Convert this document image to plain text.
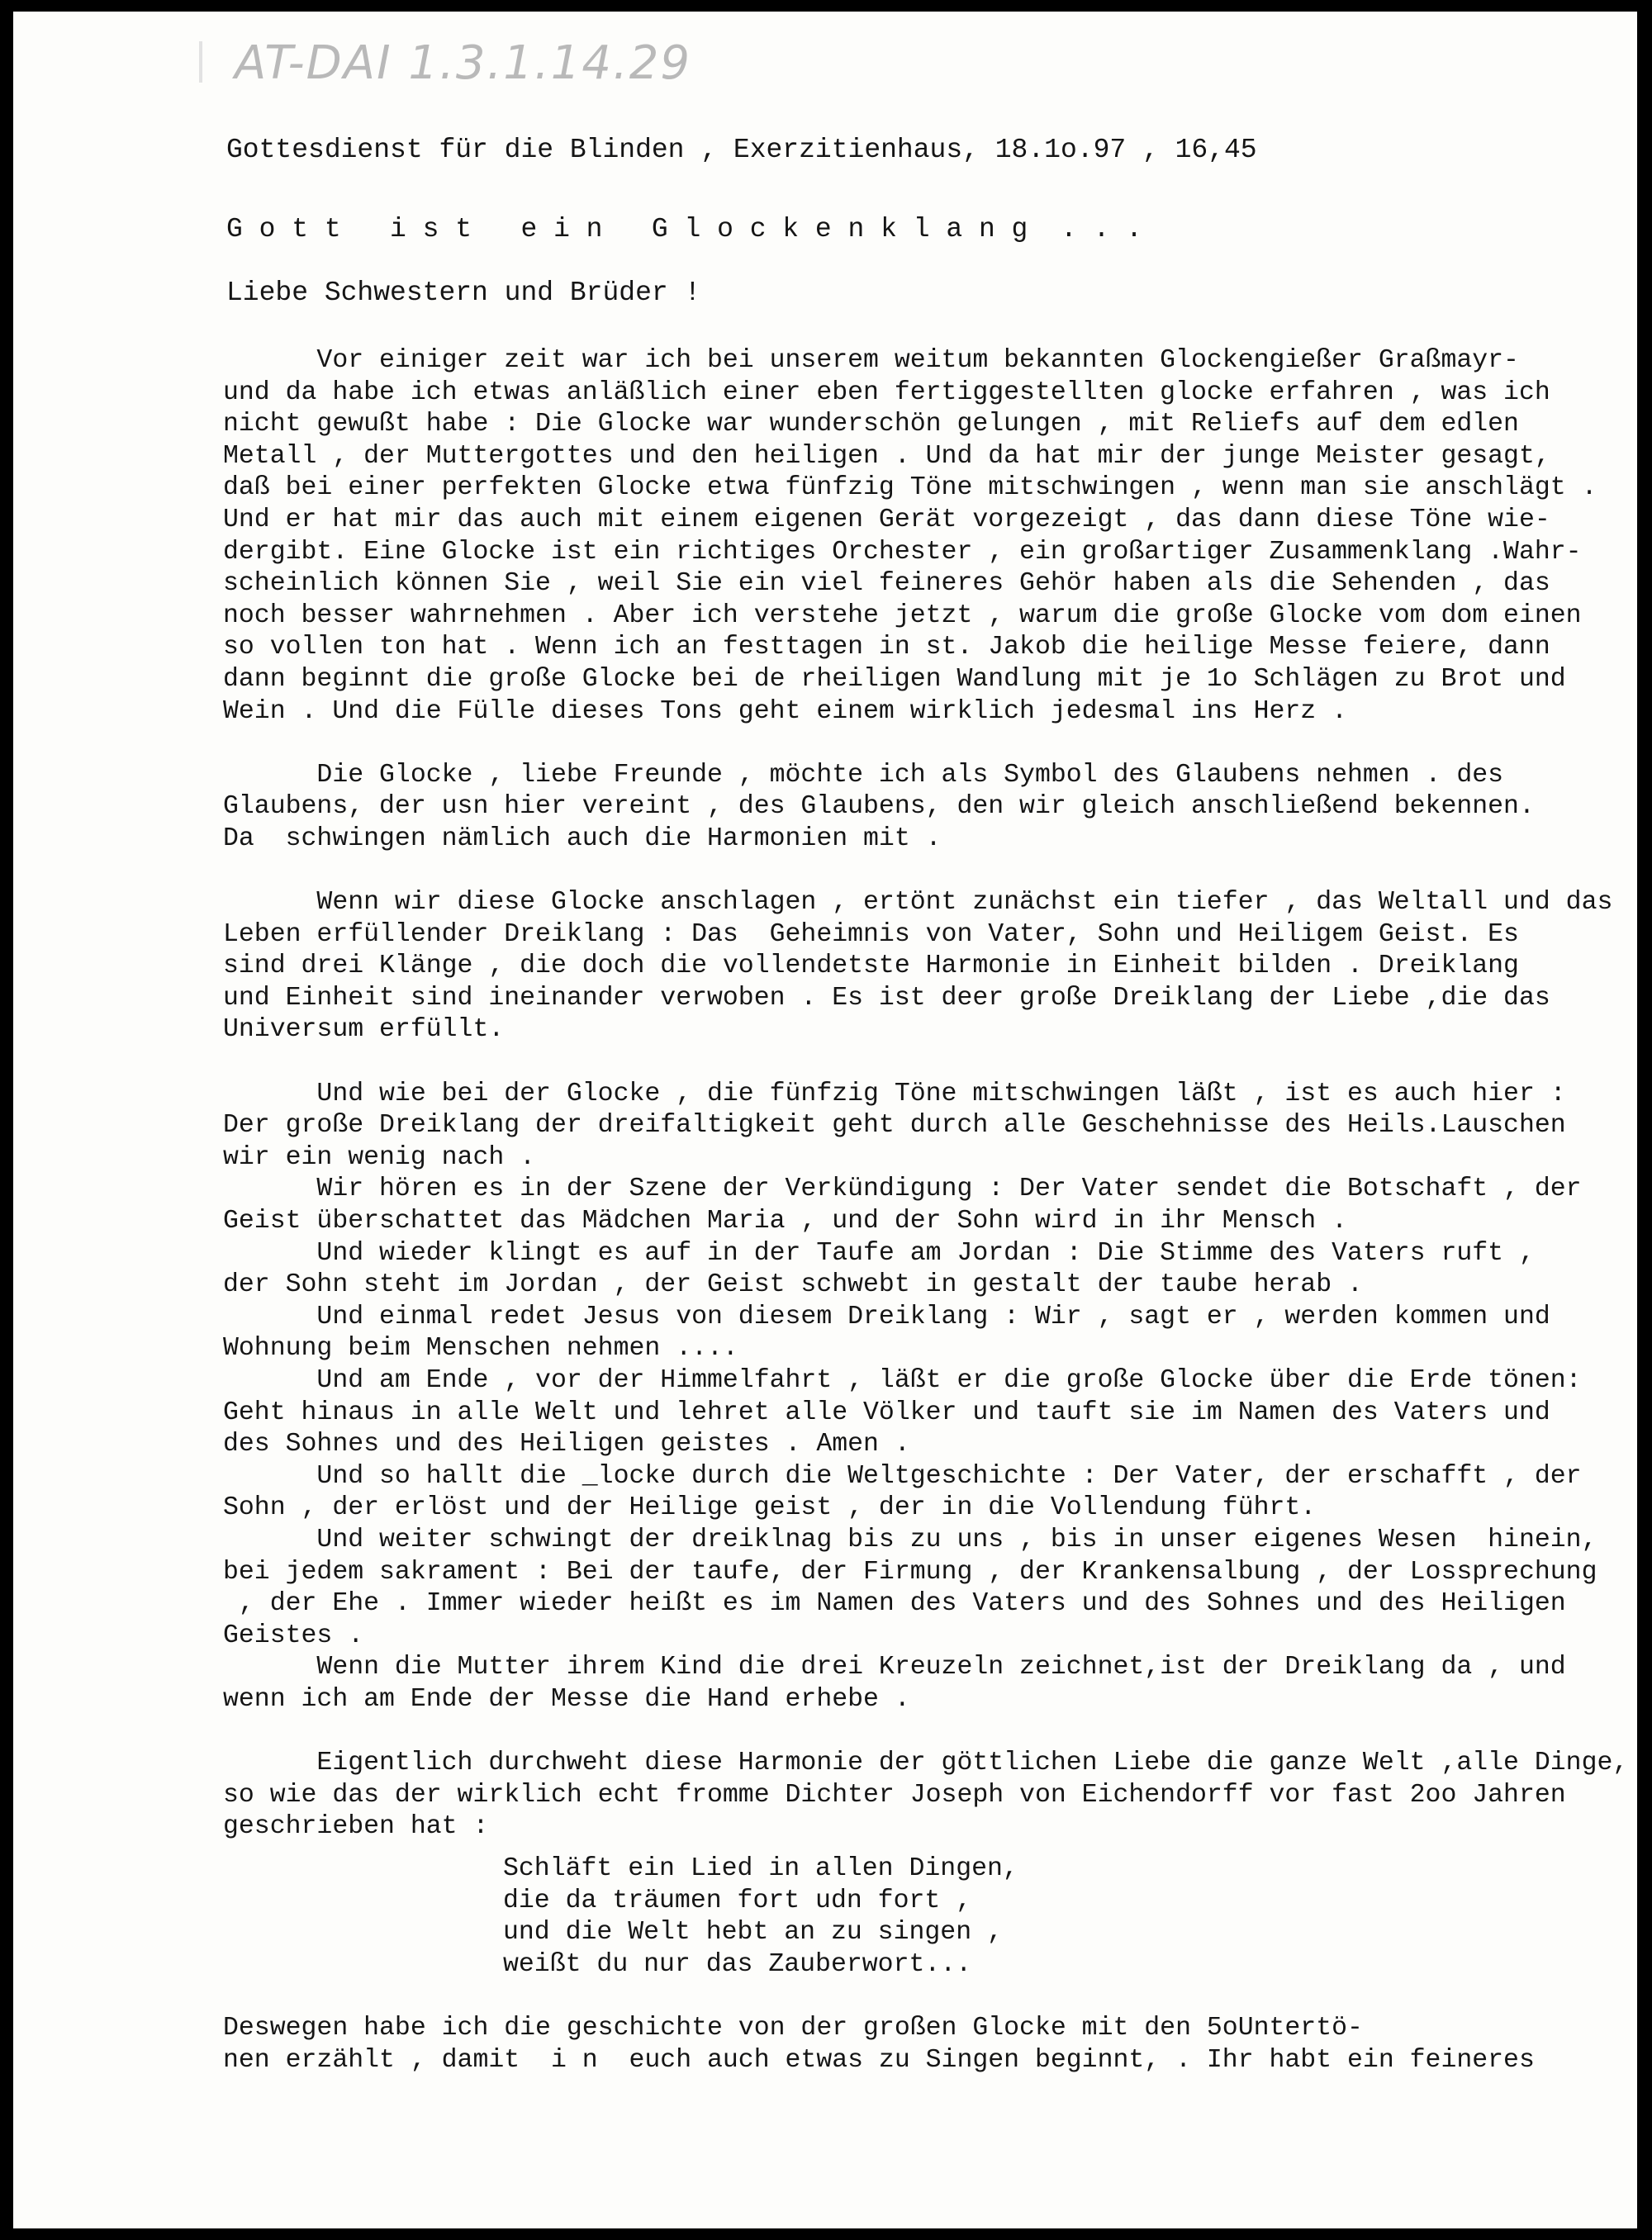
AT-DAI 1.3.1.14.29

Gottesdienst für die Blinden , Exerzitienhaus, 18.1o.97 , 16,45

G o t t   i s t   e i n   G l o c k e n k l a n g  . . .

Liebe Schwestern und Brüder !

Vor einiger zeit war ich bei unserem weitum bekannten Glockengießer Graßmayr-
und da habe ich etwas anläßlich einer eben fertiggestellten glocke erfahren , was ich
nicht gewußt habe : Die Glocke war wunderschön gelungen , mit Reliefs auf dem edlen
Metall , der Muttergottes und den heiligen . Und da hat mir der junge Meister gesagt,
daß bei einer perfekten Glocke etwa fünfzig Töne mitschwingen , wenn man sie anschlägt .
Und er hat mir das auch mit einem eigenen Gerät vorgezeigt , das dann diese Töne wie-
dergibt. Eine Glocke ist ein richtiges Orchester , ein großartiger Zusammenklang .Wahr-
scheinlich können Sie , weil Sie ein viel feineres Gehör haben als die Sehenden , das
noch besser wahrnehmen . Aber ich verstehe jetzt , warum die große Glocke vom dom einen
so vollen ton hat . Wenn ich an festtagen in st. Jakob die heilige Messe feiere, dann
dann beginnt die große Glocke bei de rheiligen Wandlung mit je 1o Schlägen zu Brot und
Wein . Und die Fülle dieses Tons geht einem wirklich jedesmal ins Herz .

Die Glocke , liebe Freunde , möchte ich als Symbol des Glaubens nehmen . des
Glaubens, der usn hier vereint , des Glaubens, den wir gleich anschließend bekennen.
Da  schwingen nämlich auch die Harmonien mit .

Wenn wir diese Glocke anschlagen , ertönt zunächst ein tiefer , das Weltall und das
Leben erfüllender Dreiklang : Das  Geheimnis von Vater, Sohn und Heiligem Geist. Es
sind drei Klänge , die doch die vollendetste Harmonie in Einheit bilden . Dreiklang
und Einheit sind ineinander verwoben . Es ist deer große Dreiklang der Liebe ,die das
Universum erfüllt.

Und wie bei der Glocke , die fünfzig Töne mitschwingen läßt , ist es auch hier :
Der große Dreiklang der dreifaltigkeit geht durch alle Geschehnisse des Heils.Lauschen
wir ein wenig nach .
Wir hören es in der Szene der Verkündigung : Der Vater sendet die Botschaft , der
Geist überschattet das Mädchen Maria , und der Sohn wird in ihr Mensch .
Und wieder klingt es auf in der Taufe am Jordan : Die Stimme des Vaters ruft ,
der Sohn steht im Jordan , der Geist schwebt in gestalt der taube herab .
Und einmal redet Jesus von diesem Dreiklang : Wir , sagt er , werden kommen und
Wohnung beim Menschen nehmen ....
Und am Ende , vor der Himmelfahrt , läßt er die große Glocke über die Erde tönen:
Geht hinaus in alle Welt und lehret alle Völker und tauft sie im Namen des Vaters und
des Sohnes und des Heiligen geistes . Amen .
Und so hallt die _locke durch die Weltgeschichte : Der Vater, der erschafft , der
Sohn , der erlöst und der Heilige geist , der in die Vollendung führt.
Und weiter schwingt der dreiklnag bis zu uns , bis in unser eigenes Wesen  hinein,
bei jedem sakrament : Bei der taufe, der Firmung , der Krankensalbung , der Lossprechung
, der Ehe . Immer wieder heißt es im Namen des Vaters und des Sohnes und des Heiligen
Geistes .
Wenn die Mutter ihrem Kind die drei Kreuzeln zeichnet,ist der Dreiklang da , und
wenn ich am Ende der Messe die Hand erhebe .

Eigentlich durchweht diese Harmonie der göttlichen Liebe die ganze Welt ,alle Dinge,
so wie das der wirklich echt fromme Dichter Joseph von Eichendorff vor fast 2oo Jahren
geschrieben hat :
Schläft ein Lied in allen Dingen,
die da träumen fort udn fort ,
und die Welt hebt an zu singen ,
weißt du nur das Zauberwort...
Deswegen habe ich die geschichte von der großen Glocke mit den 5oUntertö-
nen erzählt , damit  i n  euch auch etwas zu Singen beginnt, . Ihr habt ein feineres
